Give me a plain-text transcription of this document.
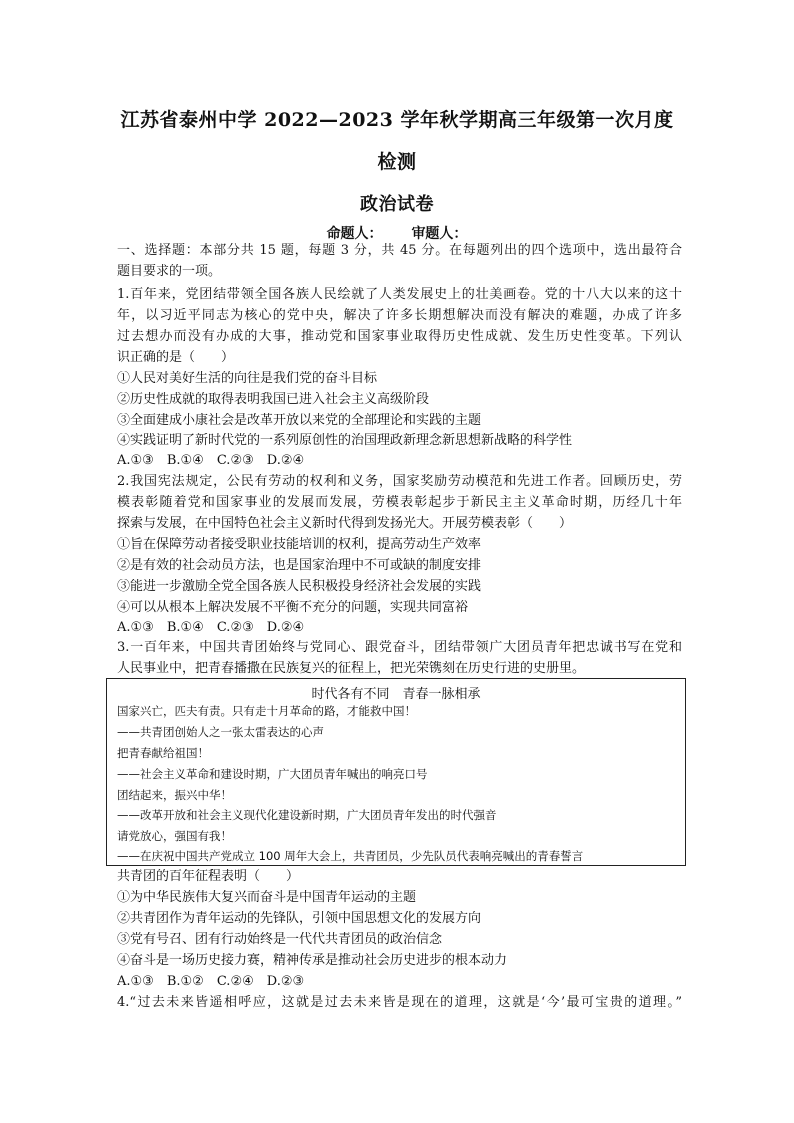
江苏省泰州中学 2022—2023 学年秋学期高三年级第一次月度
检测
政治试卷
命题人： 审题人：
一、选择题：本部分共 15 题，每题 3 分，共 45 分。在每题列出的四个选项中，选出最符合
题目要求的一项。
1.百年来，党团结带领全国各族人民绘就了人类发展史上的壮美画卷。党的十八大以来的这十
年，以习近平同志为核心的党中央，解决了许多长期想解决而没有解决的难题，办成了许多
过去想办而没有办成的大事，推动党和国家事业取得历史性成就、发生历史性变革。下列认
识正确的是（　　）
①人民对美好生活的向往是我们党的奋斗目标
②历史性成就的取得表明我国已进入社会主义高级阶段
③全面建成小康社会是改革开放以来党的全部理论和实践的主题
④实践证明了新时代党的一系列原创性的治国理政新理念新思想新战略的科学性
A.①③　B.①④　C.②③　D.②④
2.我国宪法规定，公民有劳动的权利和义务，国家奖励劳动模范和先进工作者。回顾历史，劳
模表彰随着党和国家事业的发展而发展，劳模表彰起步于新民主主义革命时期，历经几十年
探索与发展，在中国特色社会主义新时代得到发扬光大。开展劳模表彰（　　）
①旨在保障劳动者接受职业技能培训的权利，提高劳动生产效率
②是有效的社会动员方法，也是国家治理中不可或缺的制度安排
③能进一步激励全党全国各族人民积极投身经济社会发展的实践
④可以从根本上解决发展不平衡不充分的问题，实现共同富裕
A.①③　B.①④　C.②③　D.②④
3.一百年来，中国共青团始终与党同心、跟党奋斗，团结带领广大团员青年把忠诚书写在党和
人民事业中，把青春播撒在民族复兴的征程上，把光荣镌刻在历史行进的史册里。
时代各有不同　青春一脉相承
国家兴亡，匹夫有责。只有走十月革命的路，才能救中国！
——共青团创始人之一张太雷表达的心声
把青春献给祖国！
——社会主义革命和建设时期，广大团员青年喊出的响亮口号
团结起来，振兴中华！
——改革开放和社会主义现代化建设新时期，广大团员青年发出的时代强音
请党放心，强国有我！
——在庆祝中国共产党成立 100 周年大会上，共青团员，少先队员代表响亮喊出的青春誓言
共青团的百年征程表明（　　）
①为中华民族伟大复兴而奋斗是中国青年运动的主题
②共青团作为青年运动的先锋队，引领中国思想文化的发展方向
③党有号召、团有行动始终是一代代共青团员的政治信念
④奋斗是一场历史接力赛，精神传承是推动社会历史进步的根本动力
A.①③　B.①②　C.②④　D.②③
4.“过去未来皆遥相呼应，这就是过去未来皆是现在的道理，这就是‘今’最可宝贵的道理。”
